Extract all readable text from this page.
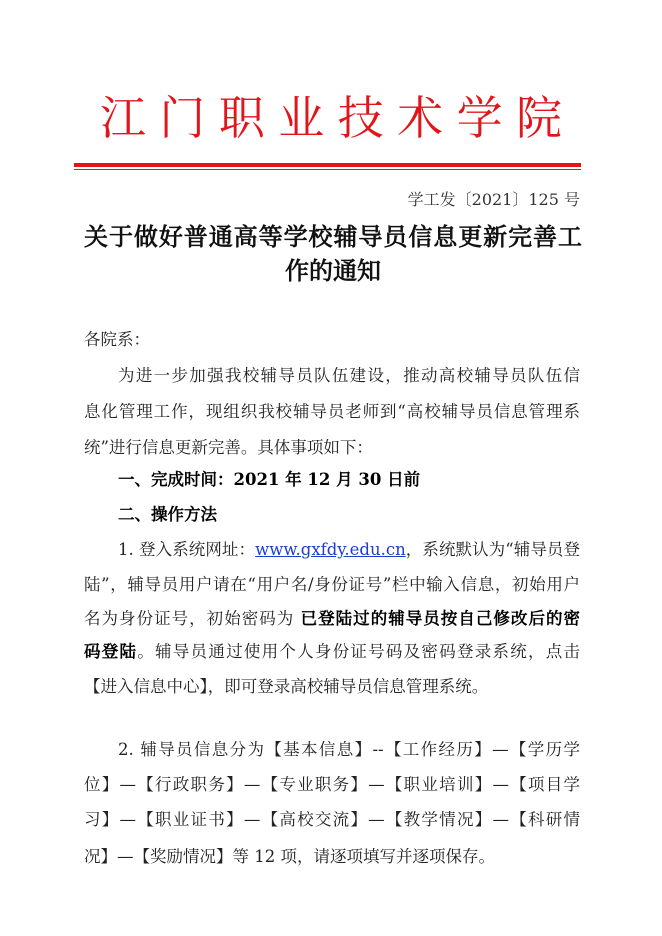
江门职业技术学院
学工发〔2021〕125 号
关于做好普通高等学校辅导员信息更新完善工
作的通知
各院系：
为进一步加强我校辅导员队伍建设，推动高校辅导员队伍信
息化管理工作，现组织我校辅导员老师到“高校辅导员信息管理系
统”进行信息更新完善。具体事项如下：
一、完成时间：2021 年 12 月 30 日前
二、操作方法
1. 登入系统网址：www.gxfdy.edu.cn，系统默认为“辅导员登
陆”，辅导员用户请在“用户名/身份证号”栏中输入信息，初始用户
名为身份证号，初始密码为 已登陆过的辅导员按自己修改后的密
码登陆。辅导员通过使用个人身份证号码及密码登录系统，点击
【进入信息中心】，即可登录高校辅导员信息管理系统。
2. 辅导员信息分为【基本信息】--【工作经历】—【学历学
位】—【行政职务】—【专业职务】—【职业培训】—【项目学
习】—【职业证书】—【高校交流】—【教学情况】—【科研情
况】—【奖励情况】等 12 项，请逐项填写并逐项保存。
